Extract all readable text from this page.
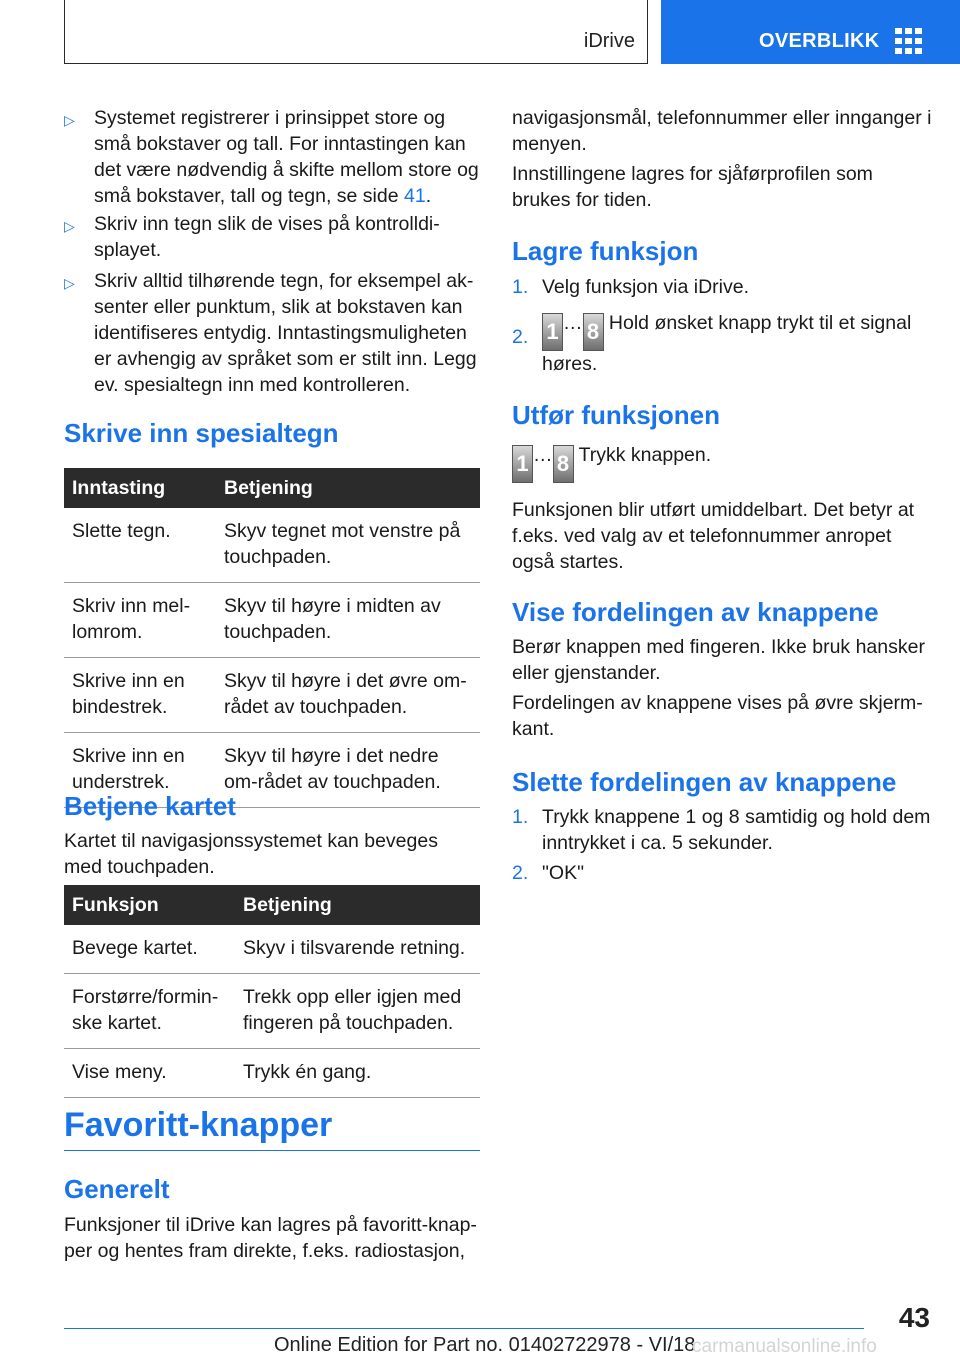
iDrive	OVERBLIKK
▷ Systemet registrerer i prinsippet store og små bokstaver og tall. For inntastingen kan det være nødvendig å skifte mellom store og små bokstaver, tall og tegn, se side 41.
▷ Skriv inn tegn slik de vises på kontrolldi-splayet.
▷ Skriv alltid tilhørende tegn, for eksempel ak-senter eller punktum, slik at bokstaven kan identifiseres entydig. Inntastingsmuligheten er avhengig av språket som er stilt inn. Legg ev. spesialtegn inn med kontrolleren.
Skrive inn spesialtegn
Inntasting	Betjening
Slette tegn.	Skyv tegnet mot venstre på touchpaden.
Skriv inn mel-lomrom.	Skyv til høyre i midten av touchpaden.
Skrive inn en bindestrek.	Skyv til høyre i det øvre om-rådet av touchpaden.
Skrive inn en understrek.	Skyv til høyre i det nedre om-rådet av touchpaden.
Betjene kartet
Kartet til navigasjonssystemet kan beveges med touchpaden.
Funksjon	Betjening
Bevege kartet.	Skyv i tilsvarende retning.
Forstørre/formin-ske kartet.	Trekk opp eller igjen med fingeren på touchpaden.
Vise meny.	Trykk én gang.
Favoritt-knapper
Generelt
Funksjoner til iDrive kan lagres på favoritt-knap-per og hentes fram direkte, f.eks. radiostasjon,
navigasjonsmål, telefonnummer eller innganger i menyen.
Innstillingene lagres for sjåførprofilen som brukes for tiden.
Lagre funksjon
1. Velg funksjon via iDrive.
2. 1 … 8 Hold ønsket knapp trykt til et signal høres.
Utfør funksjonen
1 … 8 Trykk knappen.
Funksjonen blir utført umiddelbart. Det betyr at f.eks. ved valg av et telefonnummer anropet også startes.
Vise fordelingen av knappene
Berør knappen med fingeren. Ikke bruk hansker eller gjenstander.
Fordelingen av knappene vises på øvre skjerm-kant.
Slette fordelingen av knappene
1. Trykk knappene 1 og 8 samtidig og hold dem inntrykket i ca. 5 sekunder.
2. "OK"
43
Online Edition for Part no. 01402722978 - VI/18
carmanualsonline.info
